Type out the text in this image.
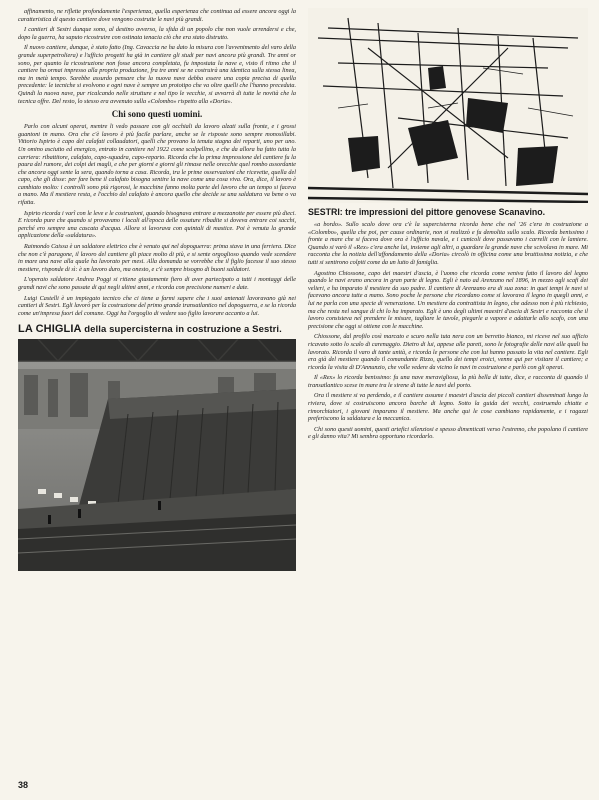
affinamento, ne riflette profondamente l'esperienza, quella esperienza che continua ad essere ancora oggi la caratteristica di questo cantiere dove vengono costruite le navi più grandi.

I cantieri di Sestri dunque sono, al destino avverso, la sfida di un popolo che non vuole arrendersi e che, dopo la guerra, ha saputo ricostruire con ostinata tenacia ciò che era stato distrutto.

Il nuovo cantiere, dunque, è stato fatto (Ing. Cavaccia ne ha dato la misura con l'avvenimento del varo della grande superpetroliera) e l'ufficio progetti ha già in cantiere gli studi per navi ancora più grandi. Tre anni or sono, per quanto la ricostruzione non fosse ancora completata, fu impostata la nave e, visto il ritmo che il cantiere ha ormai impresso alla propria produzione, fra tre anni se ne costruirà una identica sulla stessa linea, ma in metà tempo. Sarebbe assurdo pensare che la nuova nave debba essere una copia precisa di quella precedente: le tecniche si evolvono e ogni nave è sempre un prototipo che va oltre quelli che l'hanno preceduta. Quindi la nuova nave, pur ricalcando nelle strutture e nel tipo le vecchie, si avvarrà di tutte le novità che la tecnica offre. Del resto, lo stesso era avvenuto sulla «Colombo» rispetto alla «Doria».

Chi sono questi uomini.

Parlo con alcuni operai, mentre li vedo passare con gli occhiali da lavoro alzati sulla fronte, e i grossi guantoni in mano. Ora che c'è lavoro è più facile parlare, anche se le risposte sono sempre monosillabi. Vittorio Ispirto è capo dei calafati collaudatori, quelli che provano la tenuta stagna dei reparti, uno per uno. Un omino asciutto ed energico, entrato in cantiere nel 1922 come scalpellino, e che da allora ha fatto tutta la carriera: ribattitore, calafato, capo-squadra, capo-reparto. Ricorda che la prima impressione del cantiere fu la paura del rumore, dei colpi dei magli, e che per giorni e giorni gli rimase nelle orecchie quel rombo assordante che ancora oggi sente la sera, quando torna a casa. Ricorda, tra le prime osservazioni che ricevette, quella del capo, che gli disse: per fare bene il calafato bisogna sentire la nave come una cosa viva. Ora, dice, il lavoro è cambiato molto: i controlli sono più rigorosi, le macchine fanno molta parte del lavoro che un tempo si faceva a mano. Ma il mestiere resta, e l'occhio del calafato è ancora quello che decide se una saldatura va bene o va rifatta.

Ispirto ricorda i varî con le leve e le costruzioni, quando bisognava entrare a mezzanotte per essere più dieci. E ricorda pure che quando si provavano i locali all'epoca delle ossature ribadite si doveva entrare coi sacchi, perché ero sempre una cascata d'acqua. Allora si lavorava con quintali di mastice. Poi è venuta la grande applicazione della «saldatura».

Raimondo Caissa è un saldatore elettrico che è venuto qui nel dopoguerra: prima stava in una ferriera. Dice che non c'è paragone, il lavoro del cantiere gli piace molto di più, e si sente orgoglioso quando vede scendere in mare una nave alla quale ha lavorato per mesi. Alla domanda se vorrebbe che il figlio facesse il suo stesso mestiere, risponde di sì: è un lavoro duro, ma onesto, e c'è sempre bisogno di buoni saldatori.

L'operaio saldatore Andrea Poggi si ritiene giustamente fiero di aver partecipato a tutti i montaggi delle grandi navi che sono passate di qui negli ultimi anni, e ricorda con precisione numeri e date.

Luigi Castelli è un impiegato tecnico che ci tiene a farmi sapere che i suoi antenati lavoravano già nei cantieri di Sestri. Egli lavorò per la costruzione del primo grande transatlantico nel dopoguerra, e se la ricorda come un'impresa fuori del comune. Oggi ha l'orgoglio di vedere suo figlio lavorare accanto a lui.

LA CHIGLIA della supercisterna in costruzione a Sestri.
SESTRI: tre impressioni del pittore genovese Scanavino.

«a bordo». Sullo scalo dove ora c'è la supercisterna ricorda bene che nel '26 c'era in costruzione a «Colombo», quella che poi, per cause ordinarie, non si realizzò e fu demolita sullo scalo. Ricorda benissimo i fronte a mare che si faceva dove ora è l'ufficio navale, e i cunicoli dove passavano i carrelli con le lamiere. Quando si varò il «Rex» c'era anche lui, insieme agli altri, a guardare la grande nave che scivolava in mare. Mi racconta che la notizia dell'affondamento della «Doria» circolò in officina come una bruttissima notizia, e che tutti si sentirono colpiti come da un lutto di famiglia.

Agostino Chiossone, capo dei maestri d'ascia, è l'uomo che ricorda come veniva fatto il lavoro del legno quando le navi erano ancora in gran parte di legno. Egli è nato ad Arenzano nel 1896, in mezzo agli scafi dei velieri, e ha imparato il mestiere da suo padre. Il cantiere di Arenzano era di sua zona: in quei tempi le navi si facevano ancora tutte a mano. Sono poche le persone che ricordano come si lavorava il legno in quegli anni, e lui ne parla con una specie di venerazione. Un mestiere da contrattista in legno, che adesso non è più richiesto, ma che resta nel sangue di chi lo ha imparato. Egli è uno degli ultimi maestri d'ascia di Sestri e racconta che il lavoro consisteva nel prendere le misure, tagliare le tavole, piegarle a vapore e adattarle allo scafo, con una precisione che oggi si ottiene con le macchine.

Chiossone, dal profilo così marcato e scuro nella tuta nera con un berretto bianco, mi riceve nel suo ufficio ricavato sotto lo scalo di carenaggio. Dietro di lui, appese alle pareti, sono le fotografie delle navi alle quali ha lavorato. Ricorda il varo di tante unità, e ricorda le persone che con lui hanno passato la vita nel cantiere. Egli era già del mestiere quando il comandante Rizzo, quello dei tempi eroici, venne qui per visitare il cantiere; e ricorda la visita di D'Annunzio, che volle vedere da vicino le navi in costruzione e parlò con gli operai.

Il «Rex» lo ricorda benissimo: fu una nave meravigliosa, la più bella di tutte, dice, e racconta di quando il transatlantico scese in mare tra le sirene di tutte le navi del porto.

Ora il mestiere si va perdendo, e il cantiere assume i maestri d'ascia dei piccoli cantieri disseminati lungo la riviera, dove si costruiscono ancora barche di legno. Sotto la guida dei vecchi, costruendo chiatte e rimorchiatori, i giovani imparano il mestiere. Ma anche qui le cose cambiano rapidamente, e i ragazzi preferiscono la saldatura e la meccanica.

Chi sono questi uomini, questi artefici silenziosi e spesso dimenticati verso l'estremo, che popolano il cantiere e gli danno vita? Mi sembra opportuno ricordarlo.

38
